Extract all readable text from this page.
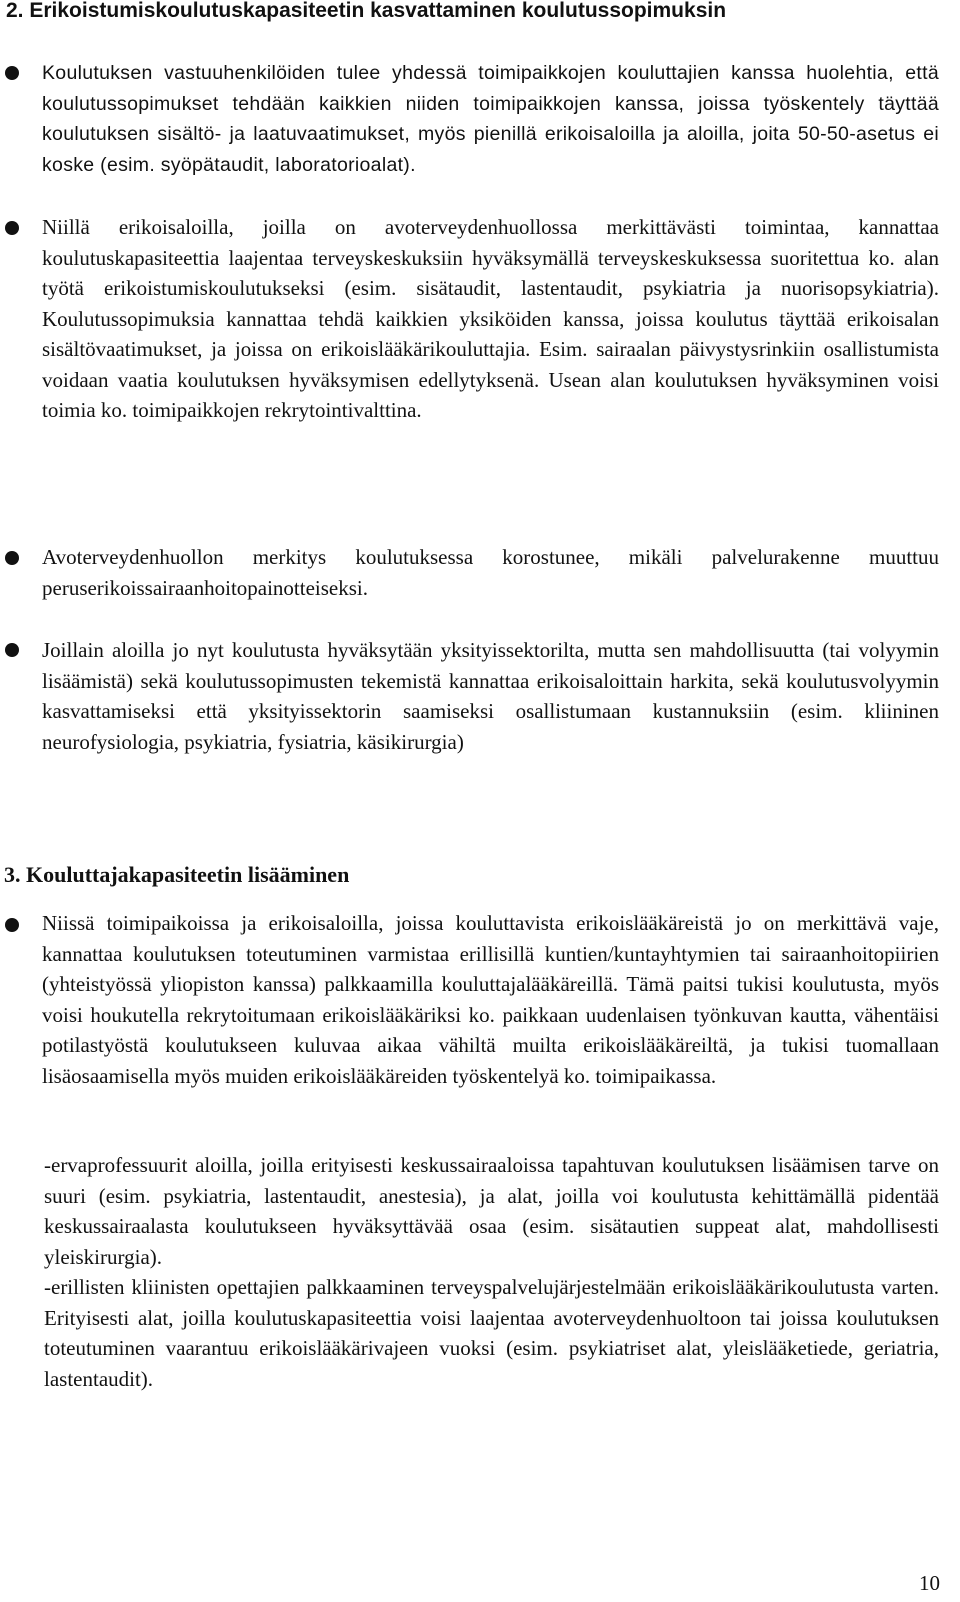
2. Erikoistumiskoulutuskapasiteetin kasvattaminen koulutussopimuksin

Koulutuksen vastuuhenkilöiden tulee yhdessä toimipaikkojen kouluttajien kanssa huolehtia, että koulutussopimukset tehdään kaikkien niiden toimipaikkojen kanssa, joissa työskentely täyttää koulutuksen sisältö- ja laatuvaatimukset, myös pienillä erikoisaloilla ja aloilla, joita 50-50-asetus ei koske (esim. syöpätaudit, laboratorioalat).

Niillä erikoisaloilla, joilla on avoterveydenhuollossa merkittävästi toimintaa, kannattaa koulutuskapasiteettia laajentaa terveyskeskuksiin hyväksymällä terveyskeskuksessa suoritettua ko. alan työtä erikoistumiskoulutukseksi (esim. sisätaudit, lastentaudit, psykiatria ja nuorisopsykiatria). Koulutussopimuksia kannattaa tehdä kaikkien yksiköiden kanssa, joissa koulutus täyttää erikoisalan sisältövaatimukset, ja joissa on erikoislääkärikouluttajia. Esim. sairaalan päivystysrinkiin osallistumista voidaan vaatia koulutuksen hyväksymisen edellytyksenä. Usean alan koulutuksen hyväksyminen voisi toimia ko. toimipaikkojen rekrytointivalttina.

Avoterveydenhuollon merkitys koulutuksessa korostunee, mikäli palvelurakenne muuttuu peruserikoissairaanhoitopainotteiseksi.

Joillain aloilla jo nyt koulutusta hyväksytään yksityissektorilta, mutta sen mahdollisuutta (tai volyymin lisäämistä) sekä koulutussopimusten tekemistä kannattaa erikoisaloittain harkita, sekä koulutusvolyymin kasvattamiseksi että yksityissektorin saamiseksi osallistumaan kustannuksiin (esim. kliininen neurofysiologia, psykiatria, fysiatria, käsikirurgia)

3. Kouluttajakapasiteetin lisääminen

Niissä toimipaikoissa ja erikoisaloilla, joissa kouluttavista erikoislääkäreistä jo on merkittävä vaje, kannattaa koulutuksen toteutuminen varmistaa erillisillä kuntien/kuntayhtymien tai sairaanhoitopiirien (yhteistyössä yliopiston kanssa) palkkaamilla kouluttajalääkäreillä. Tämä paitsi tukisi koulutusta, myös voisi houkutella rekrytoitumaan erikoislääkäriksi ko. paikkaan uudenlaisen työnkuvan kautta, vähentäisi potilastyöstä koulutukseen kuluvaa aikaa vähiltä muilta erikoislääkäreiltä, ja tukisi tuomallaan lisäosaamisella myös muiden erikoislääkäreiden työskentelyä ko. toimipaikassa.

-ervaprofessuurit aloilla, joilla erityisesti keskussairaaloissa tapahtuvan koulutuksen lisäämisen tarve on suuri (esim. psykiatria, lastentaudit, anestesia), ja alat, joilla voi koulutusta kehittämällä pidentää keskussairaalasta koulutukseen hyväksyttävää osaa (esim. sisätautien suppeat alat, mahdollisesti yleiskirurgia).

-erillisten kliinisten opettajien palkkaaminen terveyspalvelujärjestelmään erikoislääkärikoulutusta varten. Erityisesti alat, joilla koulutuskapasiteettia voisi laajentaa avoterveydenhuoltoon tai joissa koulutuksen toteutuminen vaarantuu erikoislääkärivajeen vuoksi (esim. psykiatriset alat, yleislääketiede, geriatria, lastentaudit).

10
